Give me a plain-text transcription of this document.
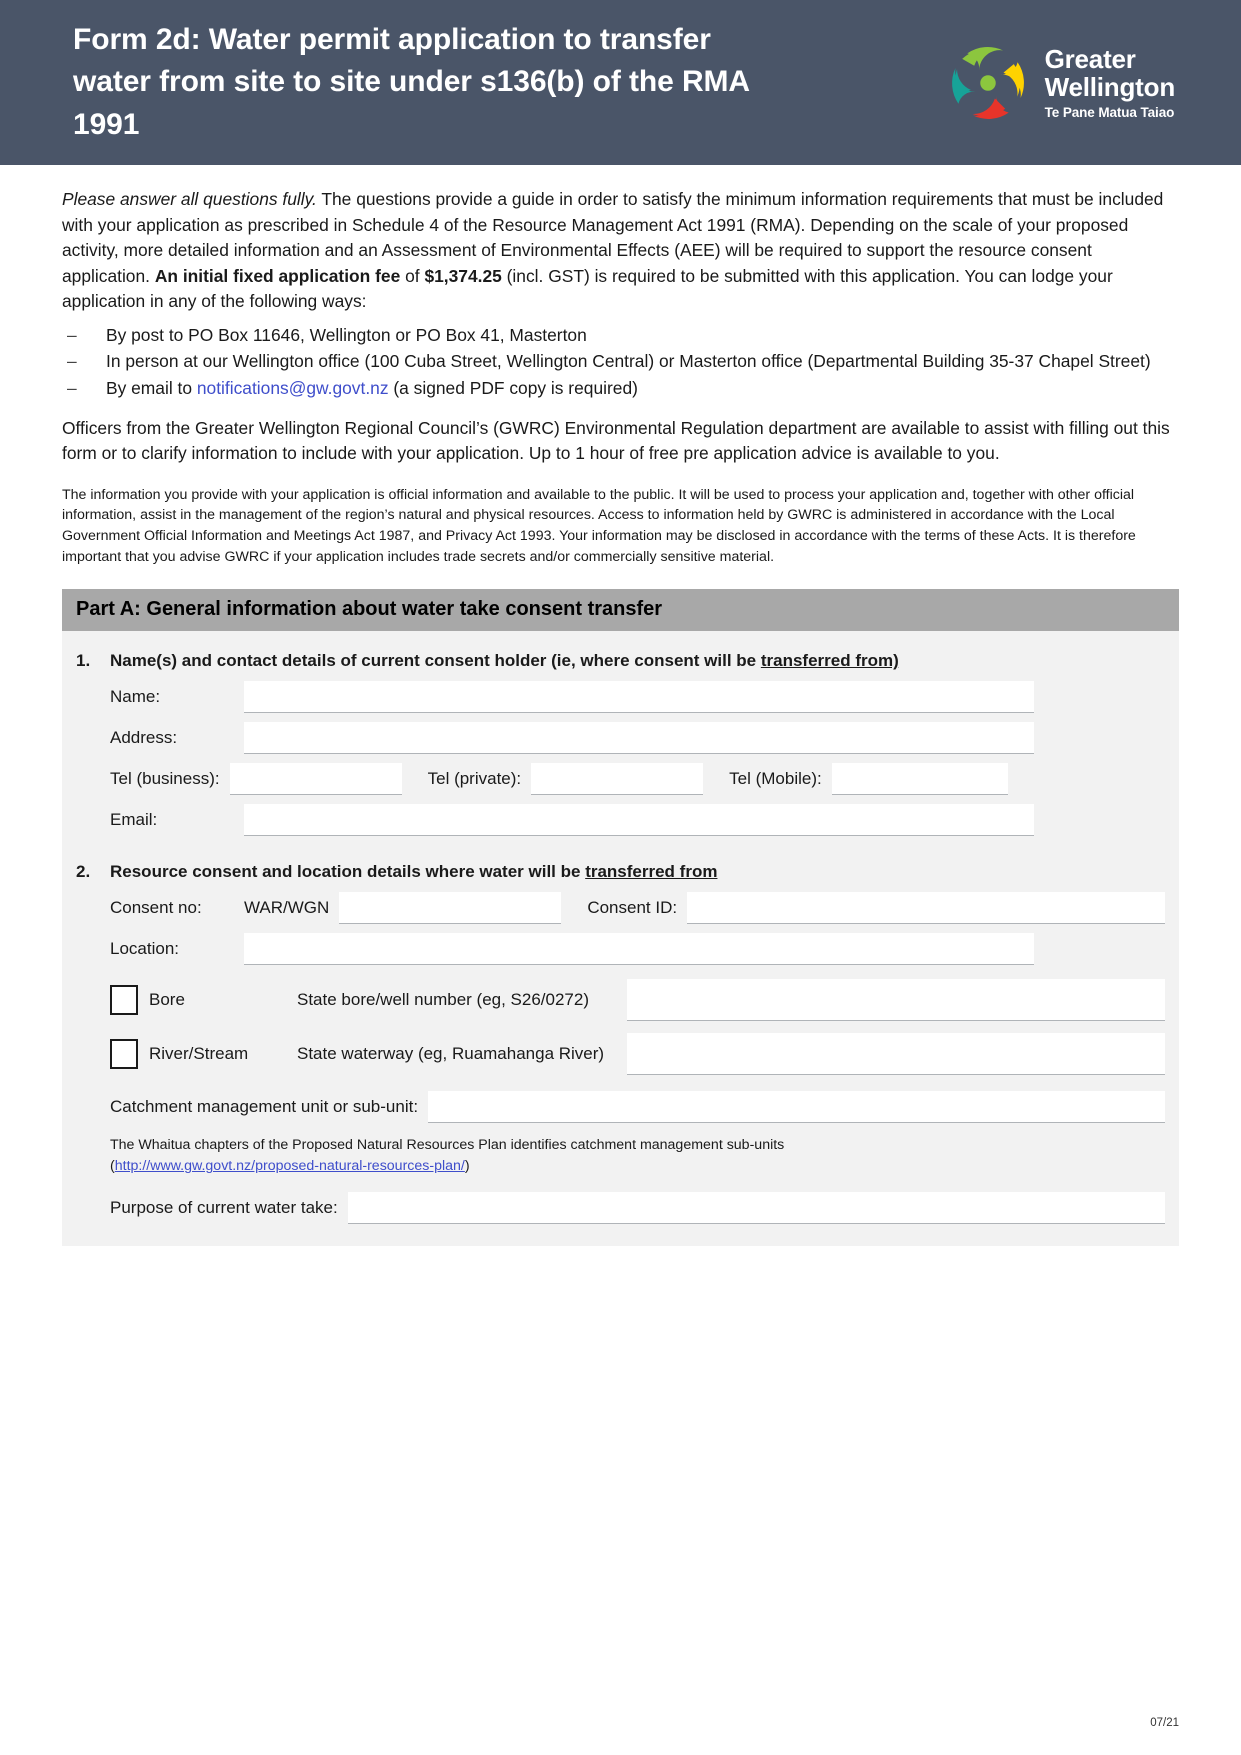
Form 2d: Water permit application to transfer water from site to site under s136(b) of the RMA 1991
Greater
Wellington
Te Pane Matua Taiao

Please answer all questions fully. The questions provide a guide in order to satisfy the minimum information requirements that must be included with your application as prescribed in Schedule 4 of the Resource Management Act 1991 (RMA). Depending on the scale of your proposed activity, more detailed information and an Assessment of Environmental Effects (AEE) will be required to support the resource consent application. An initial fixed application fee of $1,374.25 (incl. GST) is required to be submitted with this application. You can lodge your application in any of the following ways:

– By post to PO Box 11646, Wellington or PO Box 41, Masterton
– In person at our Wellington office (100 Cuba Street, Wellington Central) or Masterton office (Departmental Building 35-37 Chapel Street)
– By email to notifications@gw.govt.nz (a signed PDF copy is required)

Officers from the Greater Wellington Regional Council’s (GWRC) Environmental Regulation department are available to assist with filling out this form or to clarify information to include with your application. Up to 1 hour of free pre application advice is available to you.

The information you provide with your application is official information and available to the public. It will be used to process your application and, together with other official information, assist in the management of the region’s natural and physical resources. Access to information held by GWRC is administered in accordance with the Local Government Official Information and Meetings Act 1987, and Privacy Act 1993. Your information may be disclosed in accordance with the terms of these Acts. It is therefore important that you advise GWRC if your application includes trade secrets and/or commercially sensitive material.

Part A: General information about water take consent transfer
1.	Name(s) and contact details of current consent holder (ie, where consent will be transferred from)
Name:
Address:
Tel (business):	Tel (private):	Tel (Mobile):
Email:
2.	Resource consent and location details where water will be transferred from
Consent no:	WAR/WGN	Consent ID:
Location:
Bore	State bore/well number (eg, S26/0272)
River/Stream	State waterway (eg, Ruamahanga River)
Catchment management unit or sub-unit:
The Whaitua chapters of the Proposed Natural Resources Plan identifies catchment management sub-units
(http://www.gw.govt.nz/proposed-natural-resources-plan/)
Purpose of current water take:
07/21
